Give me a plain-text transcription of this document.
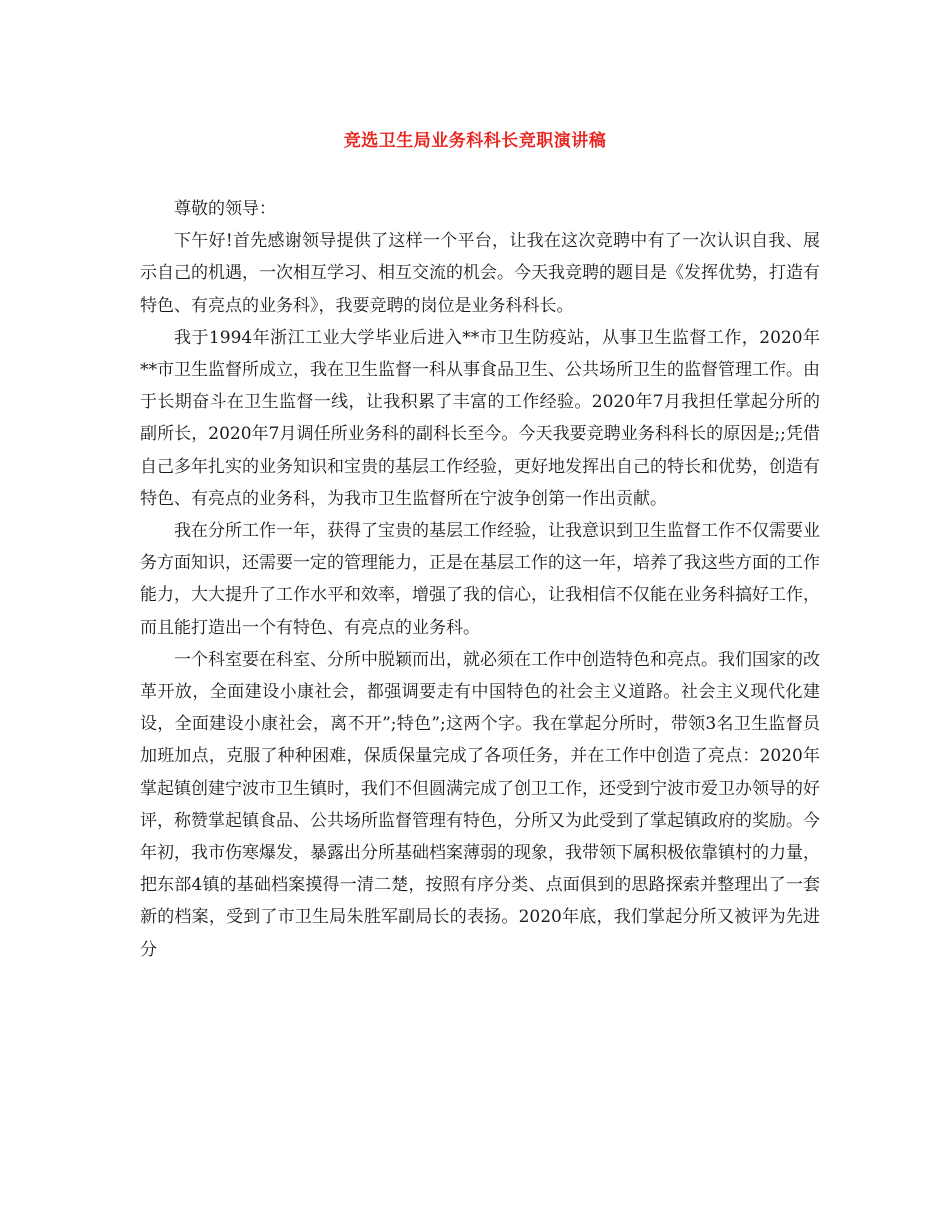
竞选卫生局业务科科长竞职演讲稿

尊敬的领导：

下午好!首先感谢领导提供了这样一个平台，让我在这次竞聘中有了一次认识自我、展示自己的机遇，一次相互学习、相互交流的机会。今天我竞聘的题目是《发挥优势，打造有特色、有亮点的业务科》，我要竞聘的岗位是业务科科长。

我于1994年浙江工业大学毕业后进入**市卫生防疫站，从事卫生监督工作，2020年**市卫生监督所成立，我在卫生监督一科从事食品卫生、公共场所卫生的监督管理工作。由于长期奋斗在卫生监督一线，让我积累了丰富的工作经验。2020年7月我担任掌起分所的副所长，2020年7月调任所业务科的副科长至今。今天我要竞聘业务科科长的原因是;;凭借自己多年扎实的业务知识和宝贵的基层工作经验，更好地发挥出自己的特长和优势，创造有特色、有亮点的业务科，为我市卫生监督所在宁波争创第一作出贡献。

我在分所工作一年，获得了宝贵的基层工作经验，让我意识到卫生监督工作不仅需要业务方面知识，还需要一定的管理能力，正是在基层工作的这一年，培养了我这些方面的工作能力，大大提升了工作水平和效率，增强了我的信心，让我相信不仅能在业务科搞好工作，而且能打造出一个有特色、有亮点的业务科。

一个科室要在科室、分所中脱颖而出，就必须在工作中创造特色和亮点。我们国家的改革开放，全面建设小康社会，都强调要走有中国特色的社会主义道路。社会主义现代化建设，全面建设小康社会，离不开”;特色”;这两个字。我在掌起分所时，带领3名卫生监督员加班加点，克服了种种困难，保质保量完成了各项任务，并在工作中创造了亮点：2020年掌起镇创建宁波市卫生镇时，我们不但圆满完成了创卫工作，还受到宁波市爱卫办领导的好评，称赞掌起镇食品、公共场所监督管理有特色，分所又为此受到了掌起镇政府的奖励。今年初，我市伤寒爆发，暴露出分所基础档案薄弱的现象，我带领下属积极依靠镇村的力量，把东部4镇的基础档案摸得一清二楚，按照有序分类、点面俱到的思路探索并整理出了一套新的档案，受到了市卫生局朱胜军副局长的表扬。2020年底，我们掌起分所又被评为先进分
